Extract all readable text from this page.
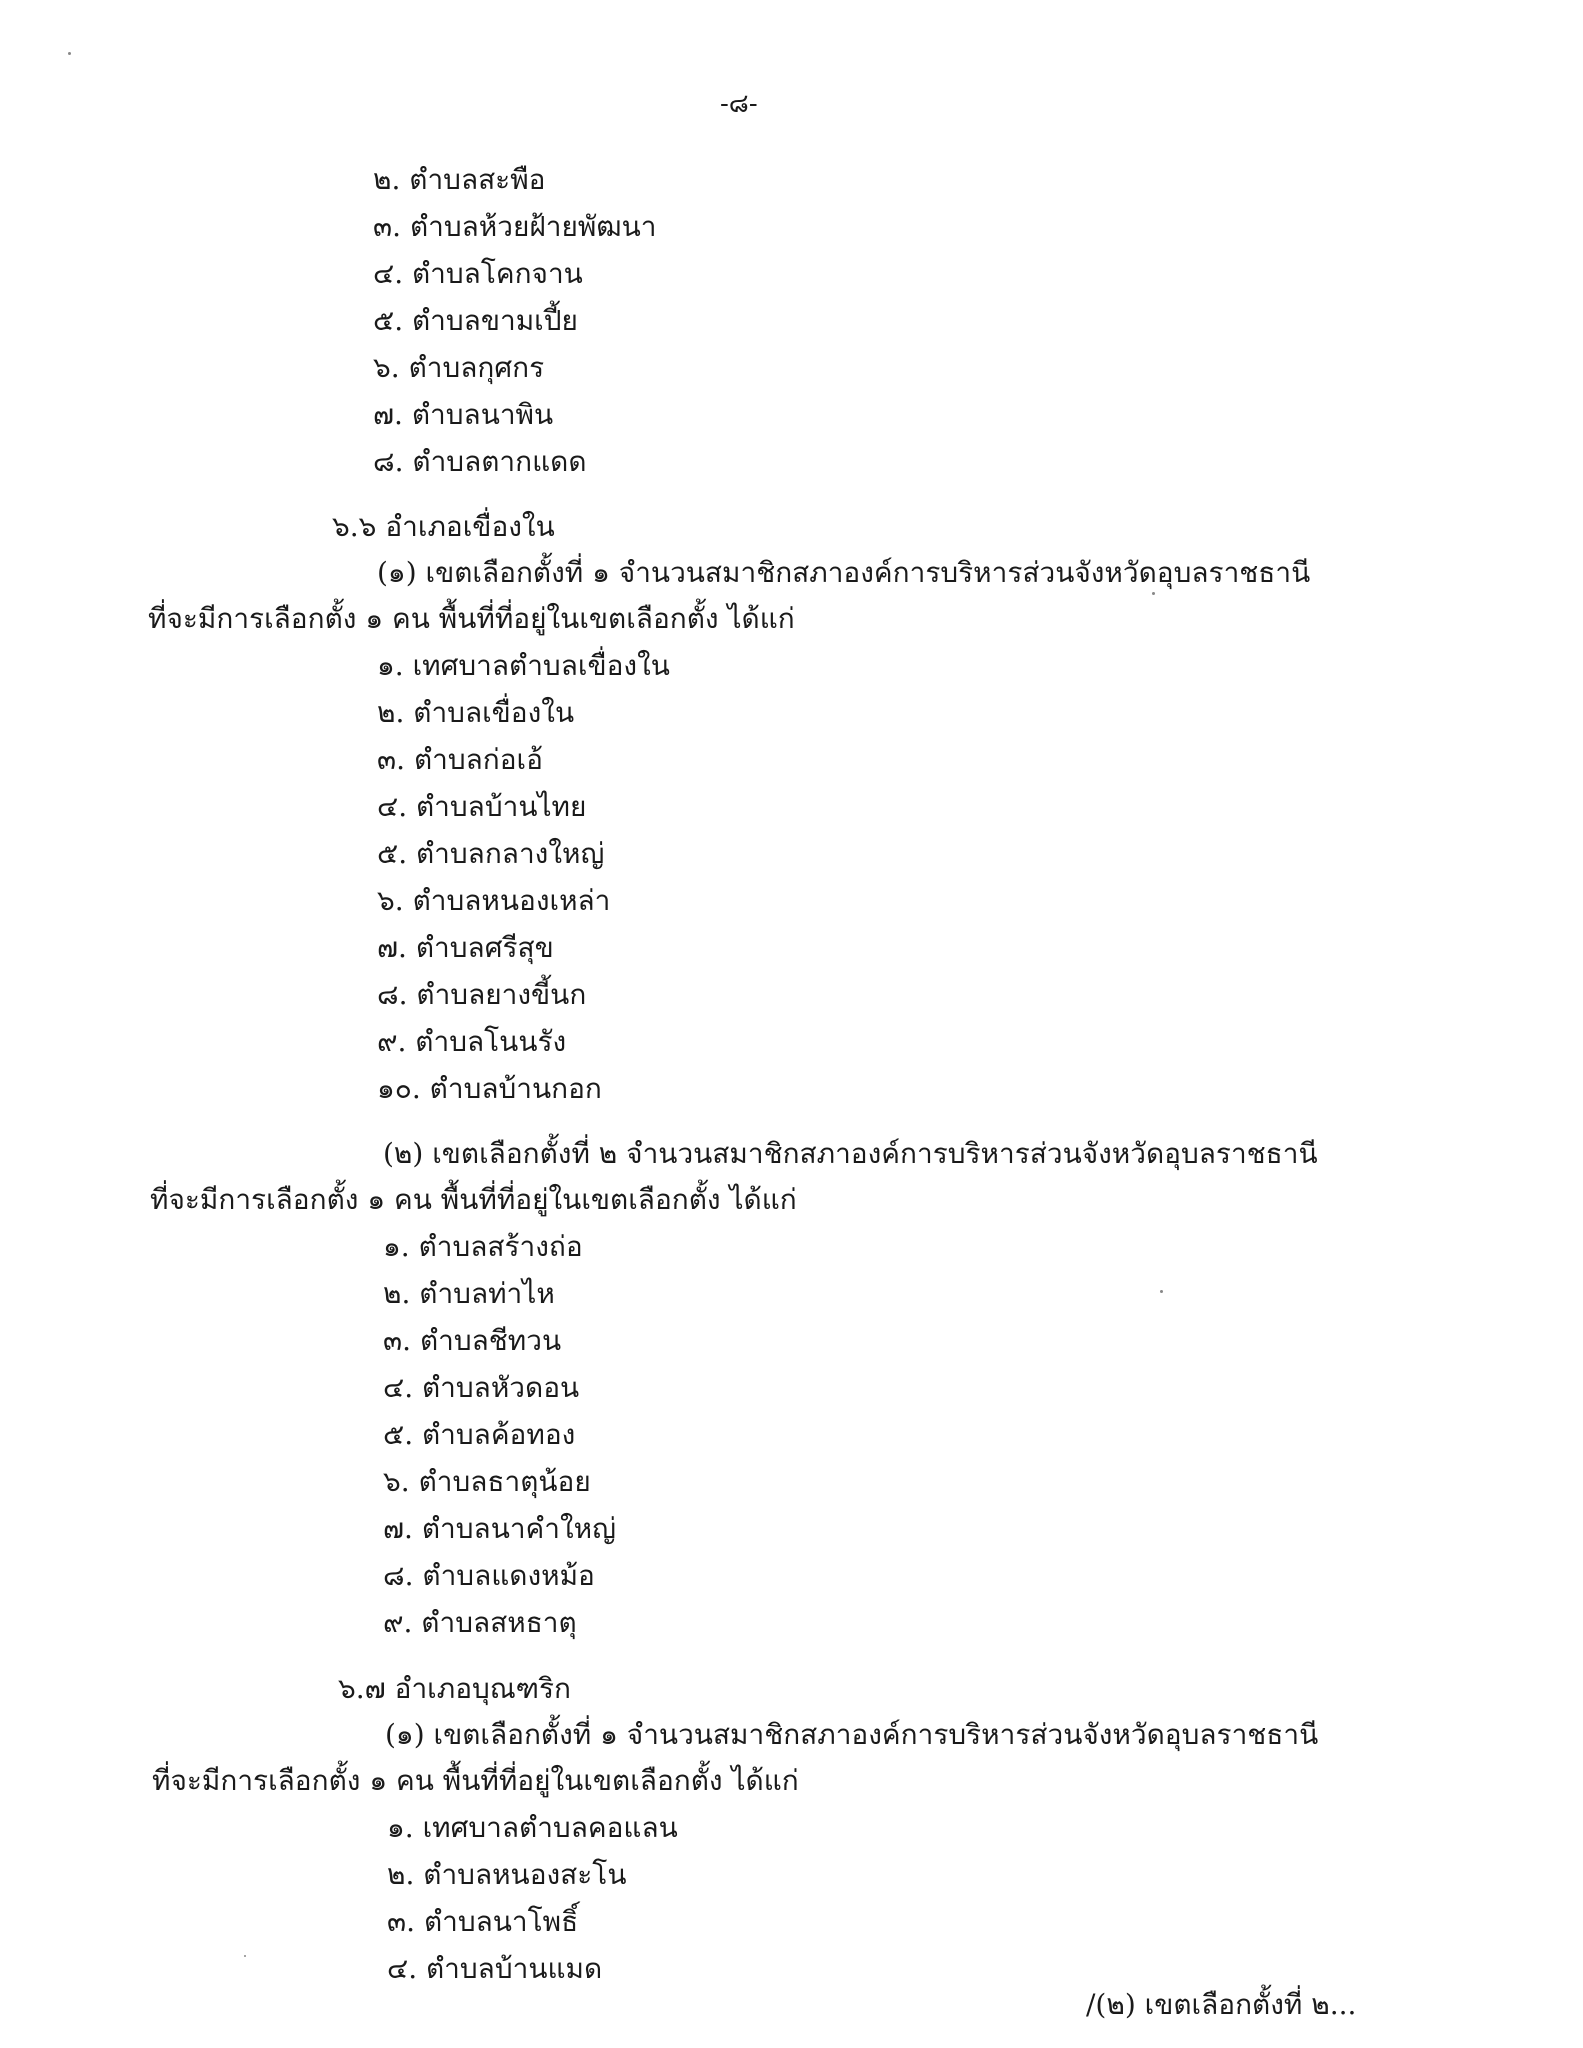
-๘-
๒. ตำบลสะพือ
๓. ตำบลห้วยฝ้ายพัฒนา
๔. ตำบลโคกจาน
๕. ตำบลขามเปี้ย
๖. ตำบลกุศกร
๗. ตำบลนาพิน
๘. ตำบลตากแดด
๖.๖ อำเภอเขื่องใน
(๑) เขตเลือกตั้งที่ ๑ จำนวนสมาชิกสภาองค์การบริหารส่วนจังหวัดอุบลราชธานี
ที่จะมีการเลือกตั้ง ๑ คน พื้นที่ที่อยู่ในเขตเลือกตั้ง ได้แก่
๑. เทศบาลตำบลเขื่องใน
๒. ตำบลเขื่องใน
๓. ตำบลก่อเอ้
๔. ตำบลบ้านไทย
๕. ตำบลกลางใหญ่
๖. ตำบลหนองเหล่า
๗. ตำบลศรีสุข
๘. ตำบลยางขี้นก
๙. ตำบลโนนรัง
๑๐. ตำบลบ้านกอก
(๒) เขตเลือกตั้งที่ ๒ จำนวนสมาชิกสภาองค์การบริหารส่วนจังหวัดอุบลราชธานี
ที่จะมีการเลือกตั้ง ๑ คน พื้นที่ที่อยู่ในเขตเลือกตั้ง ได้แก่
๑. ตำบลสร้างถ่อ
๒. ตำบลท่าไห
๓. ตำบลชีทวน
๔. ตำบลหัวดอน
๕. ตำบลค้อทอง
๖. ตำบลธาตุน้อย
๗. ตำบลนาคำใหญ่
๘. ตำบลแดงหม้อ
๙. ตำบลสหธาตุ
๖.๗ อำเภอบุณฑริก
(๑) เขตเลือกตั้งที่ ๑ จำนวนสมาชิกสภาองค์การบริหารส่วนจังหวัดอุบลราชธานี
ที่จะมีการเลือกตั้ง ๑ คน พื้นที่ที่อยู่ในเขตเลือกตั้ง ได้แก่
๑. เทศบาลตำบลคอแลน
๒. ตำบลหนองสะโน
๓. ตำบลนาโพธิ์
๔. ตำบลบ้านแมด
/(๒) เขตเลือกตั้งที่ ๒...
